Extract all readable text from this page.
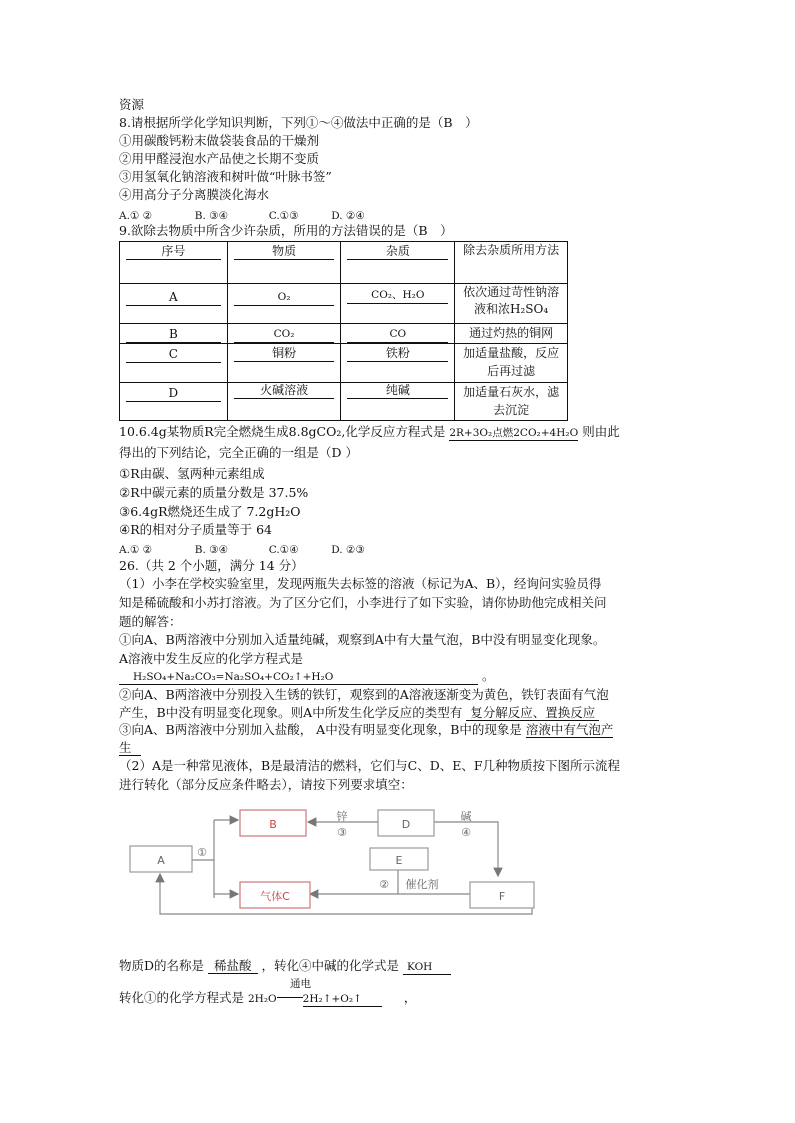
资源
8.请根据所学化学知识判断，下列①～④做法中正确的是（B　）
①用碳酸钙粉末做袋装食品的干燥剂
②用甲醛浸泡水产品使之长期不变质
③用氢氧化钠溶液和树叶做“叶脉书签”
④用高分子分离膜淡化海水
A.① ②	B. ③④	C.①③	D. ②④
9.欲除去物质中所含少许杂质，所用的方法错误的是（B　）
序号	物质	杂质	除去杂质所用方法

A	O₂	CO₂、H₂O	依次通过苛性钠溶液和浓H₂SO₄

B	CO₂	CO	通过灼热的铜网

C	铜粉	铁粉	加适量盐酸，反应后再过滤

D	火碱溶液	纯碱	加适量石灰水，滤去沉淀
10.6.4g某物质R完全燃烧生成8.8gCO₂,化学反应方程式是 2R+3O₂点燃2CO₂+4H₂O 则由此
得出的下列结论，完全正确的一组是（D ）
①R由碳、氢两种元素组成
②R中碳元素的质量分数是 37.5%
③6.4gR燃烧还生成了 7.2gH₂O
④R的相对分子质量等于 64
A.① ②	B. ③④	C.①④	D. ②③
26.（共 2 个小题，满分 14 分）
（1）小李在学校实验室里，发现两瓶失去标签的溶液（标记为A、B），经询问实验员得
知是稀硫酸和小苏打溶液。为了区分它们，小李进行了如下实验，请你协助他完成相关问
题的解答：
①向A、B两溶液中分别加入适量纯碱，观察到A中有大量气泡，B中没有明显变化现象。
A溶液中发生反应的化学方程式是
H₂SO₄+Na₂CO₃=Na₂SO₄+CO₂↑+H₂O	。
②向A、B两溶液中分别投入生锈的铁钉，观察到的A溶液逐渐变为黄色，铁钉表面有气泡
产生，B中没有明显变化现象。则A中所发生化学反应的类型有 复分解反应、置换反应
③向A、B两溶液中分别加入盐酸， A中没有明显变化现象，B中的现象是 溶液中有气泡产
生
（2）A是一种常见液体，B是最清洁的燃料，它们与C、D、E、F几种物质按下图所示流程
进行转化（部分反应条件略去），请按下列要求填空：
A
B	D
E
气体C	F
锌
③
碱
④
①
② 催化剂
物质D的名称是 稀盐酸 ，转化④中碱的化学式是 KOH
通电
转化①的化学方程式是 2H₂O 2H₂↑+O₂↑	，
